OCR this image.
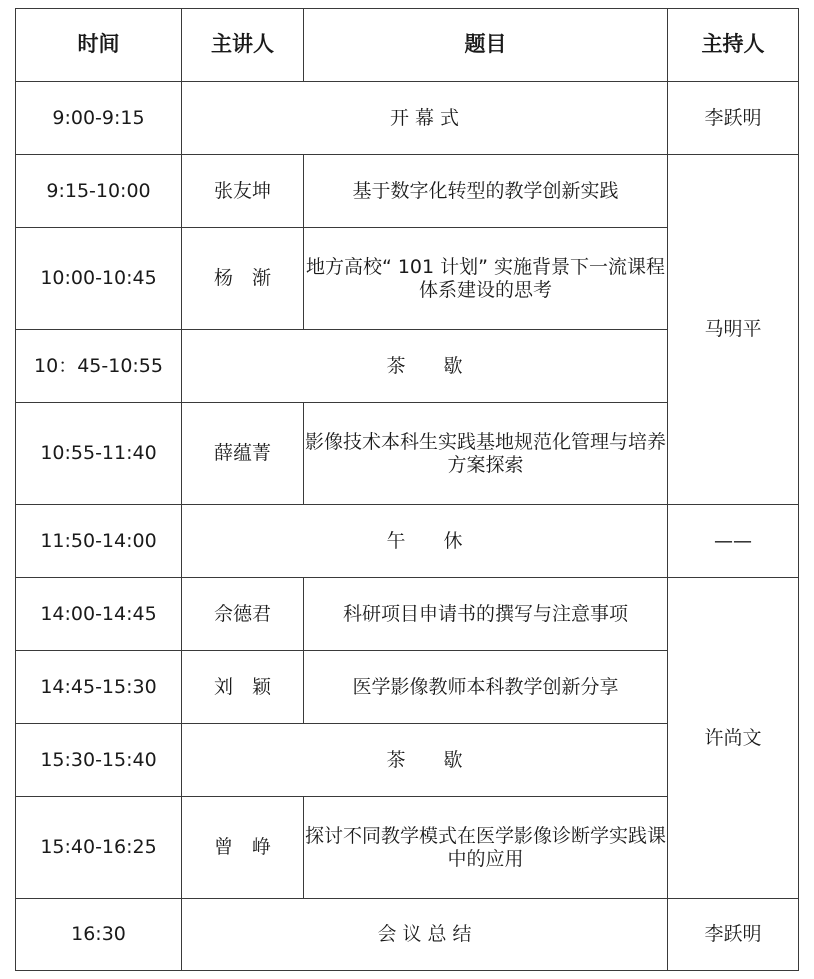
时间	主讲人	题目	主持人
9:00-9:15	开 幕 式		李跃明
9:15-10:00	张友坤	基于数字化转型的教学创新实践	马明平
10:00-10:45	杨　渐	地方高校“ 101 计划” 实施背景下一流课程体系建设的思考	
10：45-10:55	茶　　歇		
10:55-11:40	薛蕴菁	影像技术本科生实践基地规范化管理与培养方案探索	
11:50-14:00	午　　休		——
14:00-14:45	佘德君	科研项目申请书的撰写与注意事项	许尚文
14:45-15:30	刘　颖	医学影像教师本科教学创新分享	
15:30-15:40	茶　　歇		
15:40-16:25	曾　峥	探讨不同教学模式在医学影像诊断学实践课中的应用	
16:30	会 议 总 结		李跃明
